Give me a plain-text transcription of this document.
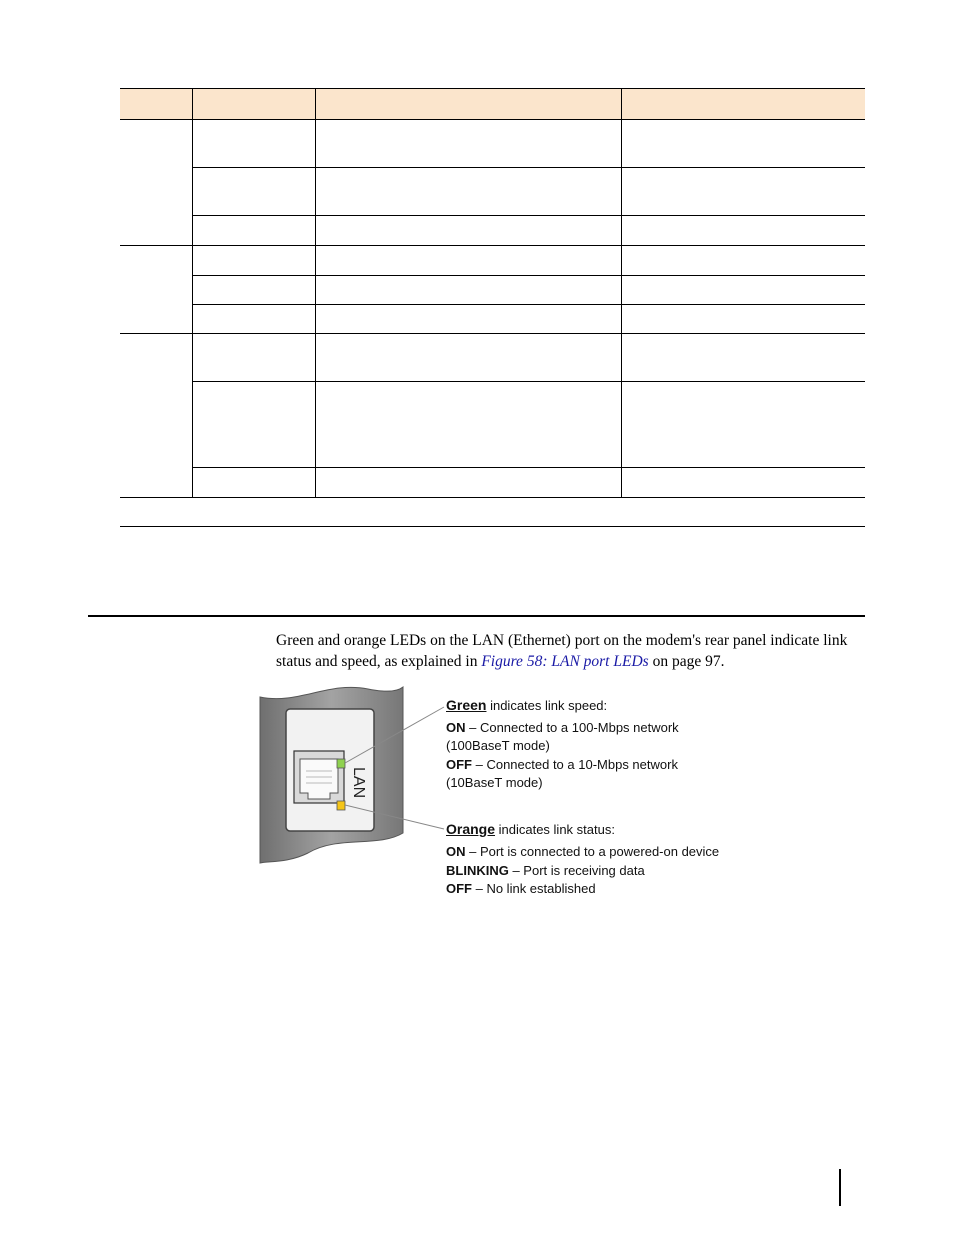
Green and orange LEDs on the LAN (Ethernet) port on the modem's rear panel indicate link status and speed, as explained in Figure 58: LAN port LEDs on page 97.

LAN
Green indicates link speed:
ON – Connected to a 100-Mbps network
(100BaseT mode)
OFF – Connected to a 10-Mbps network
(10BaseT mode)
Orange indicates link status:
ON – Port is connected to a powered-on device
BLINKING – Port is receiving data
OFF – No link established
